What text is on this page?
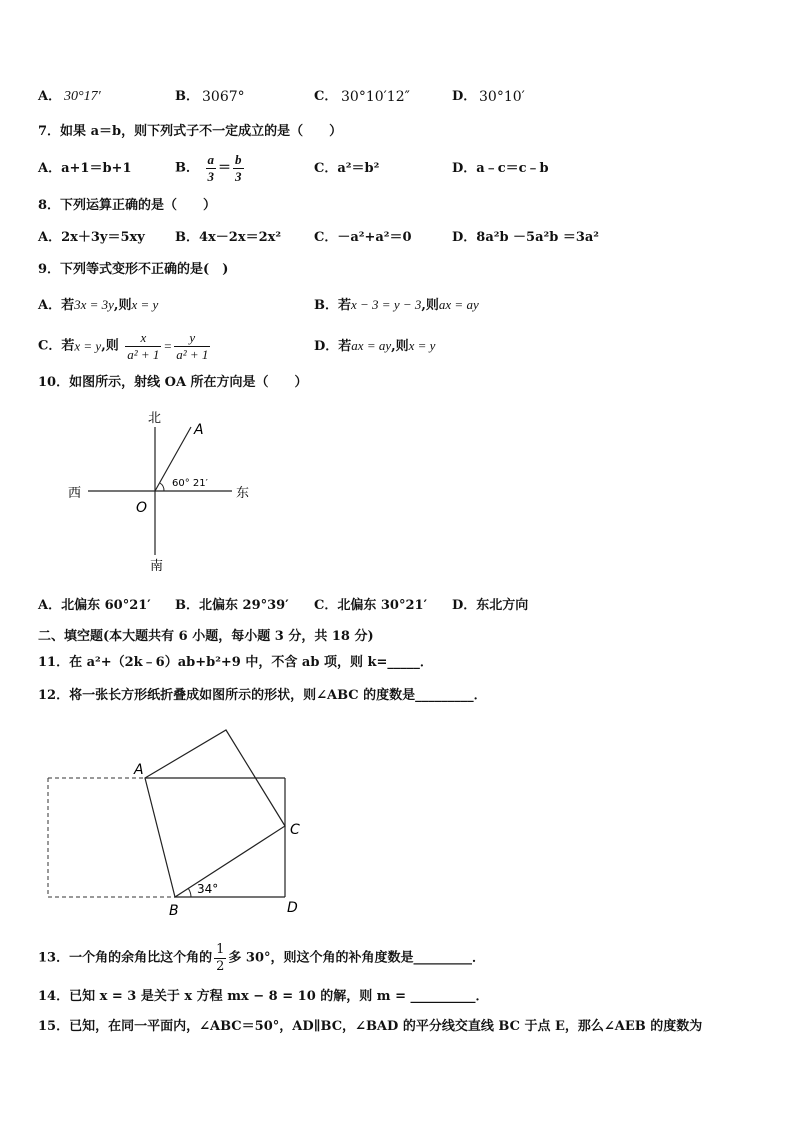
A． 30°17′	B． 3067°	C． 30°10′12″	D． 30°10′
7．如果 a＝b，则下列式子不一定成立的是（　　）
A．a+1＝b+1	B． $\frac{a}{3} = \frac{b}{3}$	C．a²＝b²	D．a﹣c＝c﹣b
8．下列运算正确的是（　　）
A．2x＋3y＝5xy B．4x－2x＝2x²	C．－a²+a²＝0	D．8a²b －5a²b ＝3a²
9．下列等式变形不正确的是(　)
A．若3x = 3y,则x = y	B．若x − 3 = y − 3,则ax = ay
C．若x = y,则 $\frac{x}{\text{a² + 1}} = \frac{y}{\text{a² + 1}}$	D．若ax = ay,则x = y
10．如图所示，射线 OA 所在方向是（　　）
北
南
西	东
A
O
60° 21′
A．北偏东 60°21′ B．北偏东 29°39′ C．北偏东 30°21′ D．东北方向
二、填空题(本大题共有 6 小题，每小题 3 分，共 18 分)
11．在 a²+（2k﹣6）ab+b²+9 中，不含 ab 项，则 k=_____．
12．将一张长方形纸折叠成如图所示的形状，则∠ABC 的度数是_________．
A
B
C
D
34°
13．一个角的余角比这个角的 $\frac{1}{2}$ 多 30°，则这个角的补角度数是_________．
14．已知 x = 3 是关于 x 方程 mx − 8 = 10 的解，则 m = __________．
15．已知，在同一平面内，∠ABC＝50°，AD∥BC，∠BAD 的平分线交直线 BC 于点 E，那么∠AEB 的度数为
